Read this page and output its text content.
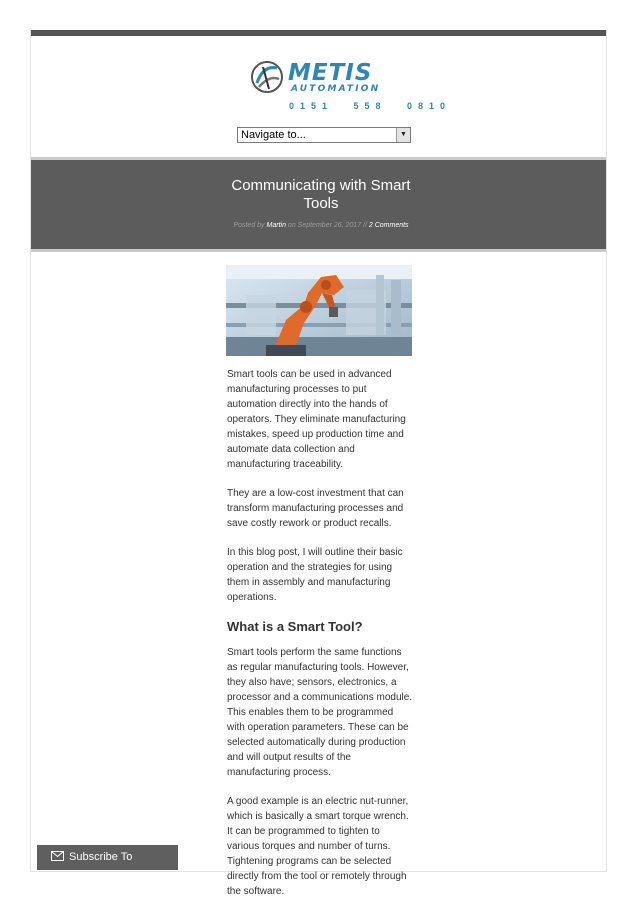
METIS
AUTOMATION
0151 558 0810
Navigate to...	▼
Communicating with Smart Tools
Posted by Martin on September 26, 2017 // 2 Comments

Smart tools can be used in advanced manufacturing processes to put automation directly into the hands of operators. They eliminate manufacturing mistakes, speed up production time and automate data collection and manufacturing traceability.

They are a low-cost investment that can transform manufacturing processes and save costly rework or product recalls.

In this blog post, I will outline their basic operation and the strategies for using them in assembly and manufacturing operations.

What is a Smart Tool?

Smart tools perform the same functions as regular manufacturing tools. However, they also have; sensors, electronics, a processor and a communications module. This enables them to be programmed with operation parameters. These can be selected automatically during production and will output results of the manufacturing process.

A good example is an electric nut-runner, which is basically a smart torque wrench. It can be programmed to tighten to various torques and number of turns. Tightening programs can be selected directly from the tool or remotely through the software.

Subscribe To Newsletter
